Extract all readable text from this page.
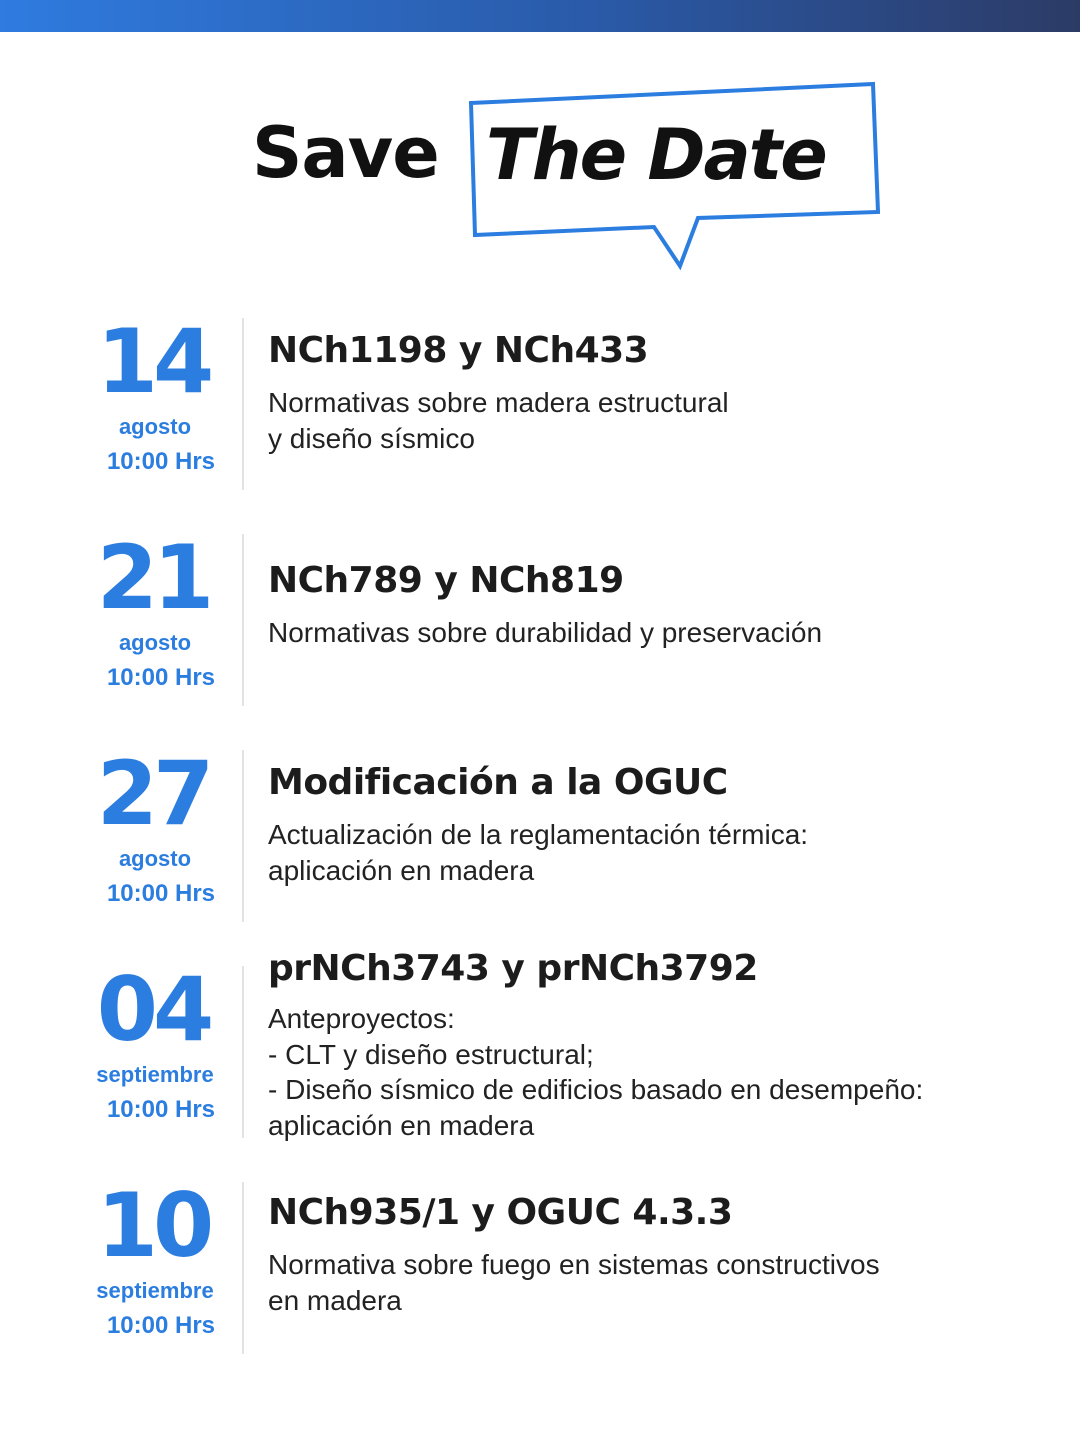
Save The Date
14
agosto
10:00 Hrs
NCh1198 y NCh433
Normativas sobre madera estructural
y diseño sísmico
21
agosto
10:00 Hrs
NCh789 y NCh819
Normativas sobre durabilidad y preservación
27
agosto
10:00 Hrs
Modificación a la OGUC
Actualización de la reglamentación térmica:
aplicación en madera
04
septiembre
10:00 Hrs
prNCh3743 y prNCh3792
Anteproyectos:
- CLT y diseño estructural;
- Diseño sísmico de edificios basado en desempeño:
aplicación en madera
10
septiembre
10:00 Hrs
NCh935/1 y OGUC 4.3.3
Normativa sobre fuego en sistemas constructivos
en madera
